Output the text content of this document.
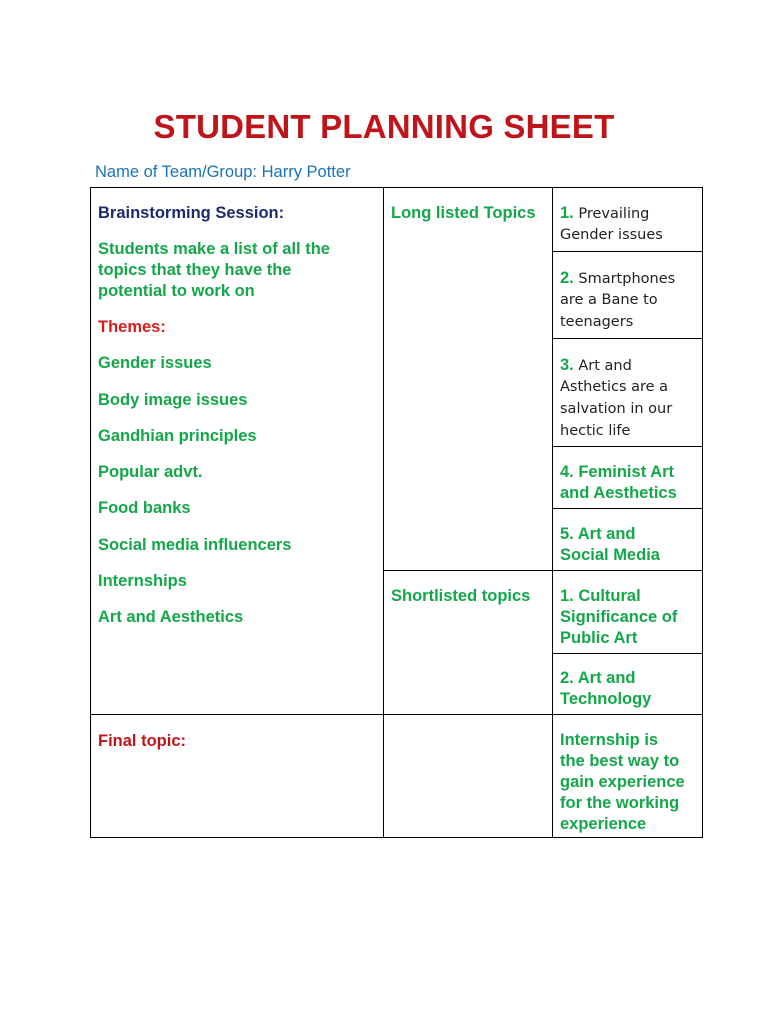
STUDENT PLANNING SHEET
Name of Team/Group: Harry Potter
Brainstorming Session:
Students make a list of all the
topics that they have the
potential to work on
Themes:
Gender issues
Body image issues
Gandhian principles
Popular advt.
Food banks
Social media influencers
Internships
Art and Aesthetics
Long listed Topics
Shortlisted topics
1. Prevailing
Gender issues
2. Smartphones
are a Bane to
teenagers
3. Art and
Asthetics are a
salvation in our
hectic life
4. Feminist Art
and Aesthetics
5. Art and
Social Media
1. Cultural
Significance of
Public Art
2. Art and
Technology
Final topic:	Internship is
the best way to
gain experience
for the working
experience
